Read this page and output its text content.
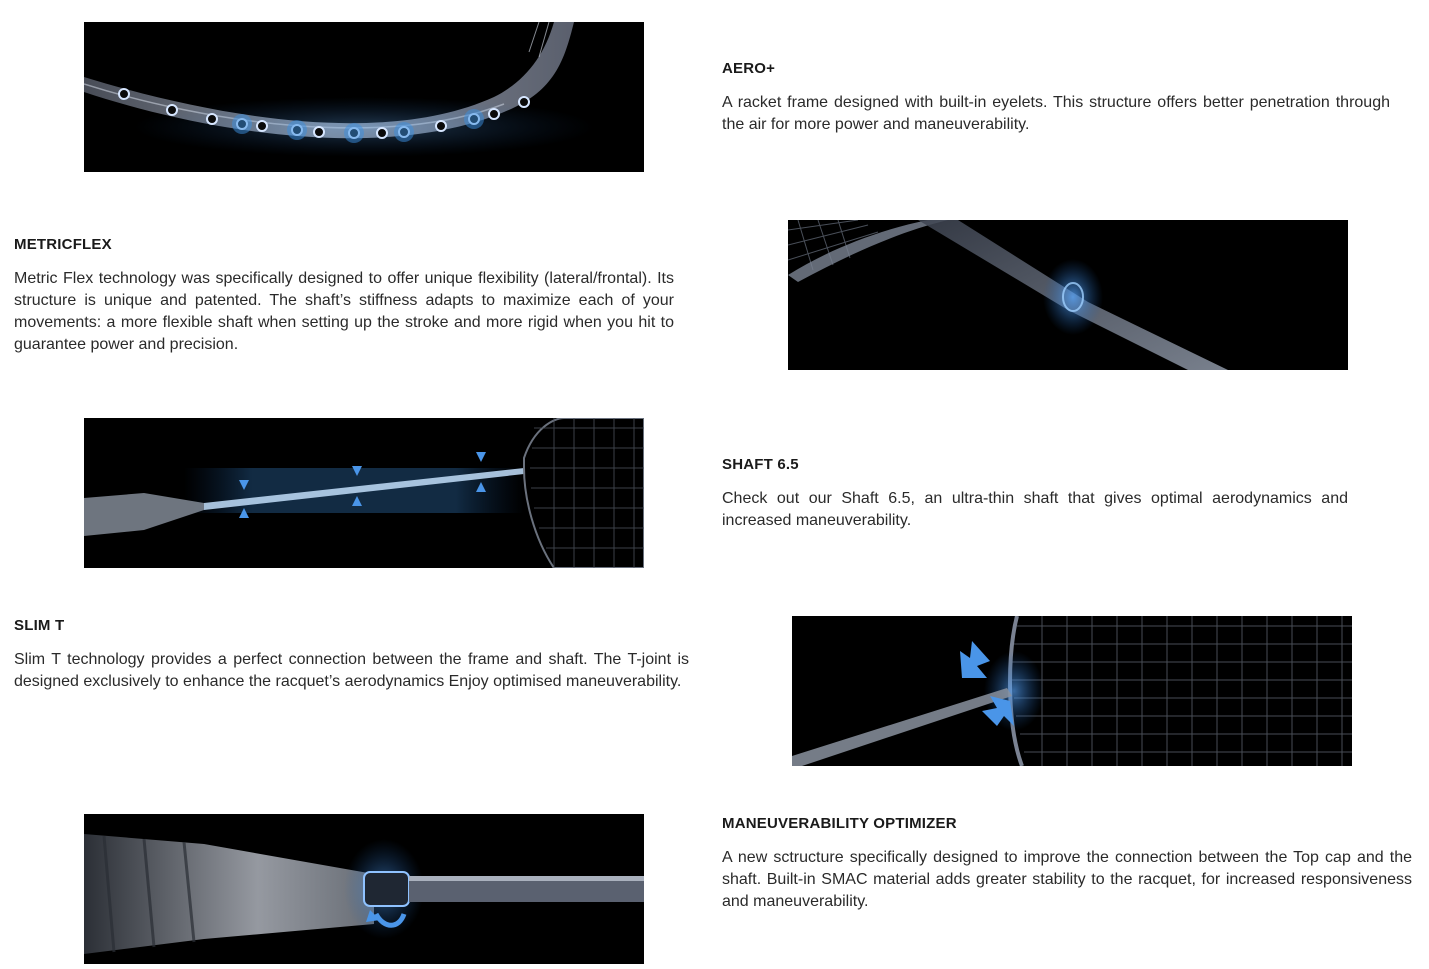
AERO+

A racket frame designed with built-in eyelets. This structure offers better penetration through the air for more power and maneuverability.

METRICFLEX

Metric Flex technology was specifically designed to offer unique flexibility (lateral/frontal). Its structure is unique and patented. The shaft’s stiffness adapts to maximize each of your movements: a more flexible shaft when setting up the stroke and more rigid when you hit to guarantee power and precision.

SHAFT 6.5

Check out our Shaft 6.5, an ultra-thin shaft that gives optimal aerodynamics and increased maneuverability.

SLIM T

Slim T technology provides a perfect connection between the frame and shaft. The T-joint is designed exclusively to enhance the racquet’s aerodynamics Enjoy optimised maneuverability.

MANEUVERABILITY OPTIMIZER

A new sctructure specifically designed to improve the connection between the Top cap and the shaft. Built-in SMAC material adds greater stability to the racquet, for increased responsiveness and maneuverability.
